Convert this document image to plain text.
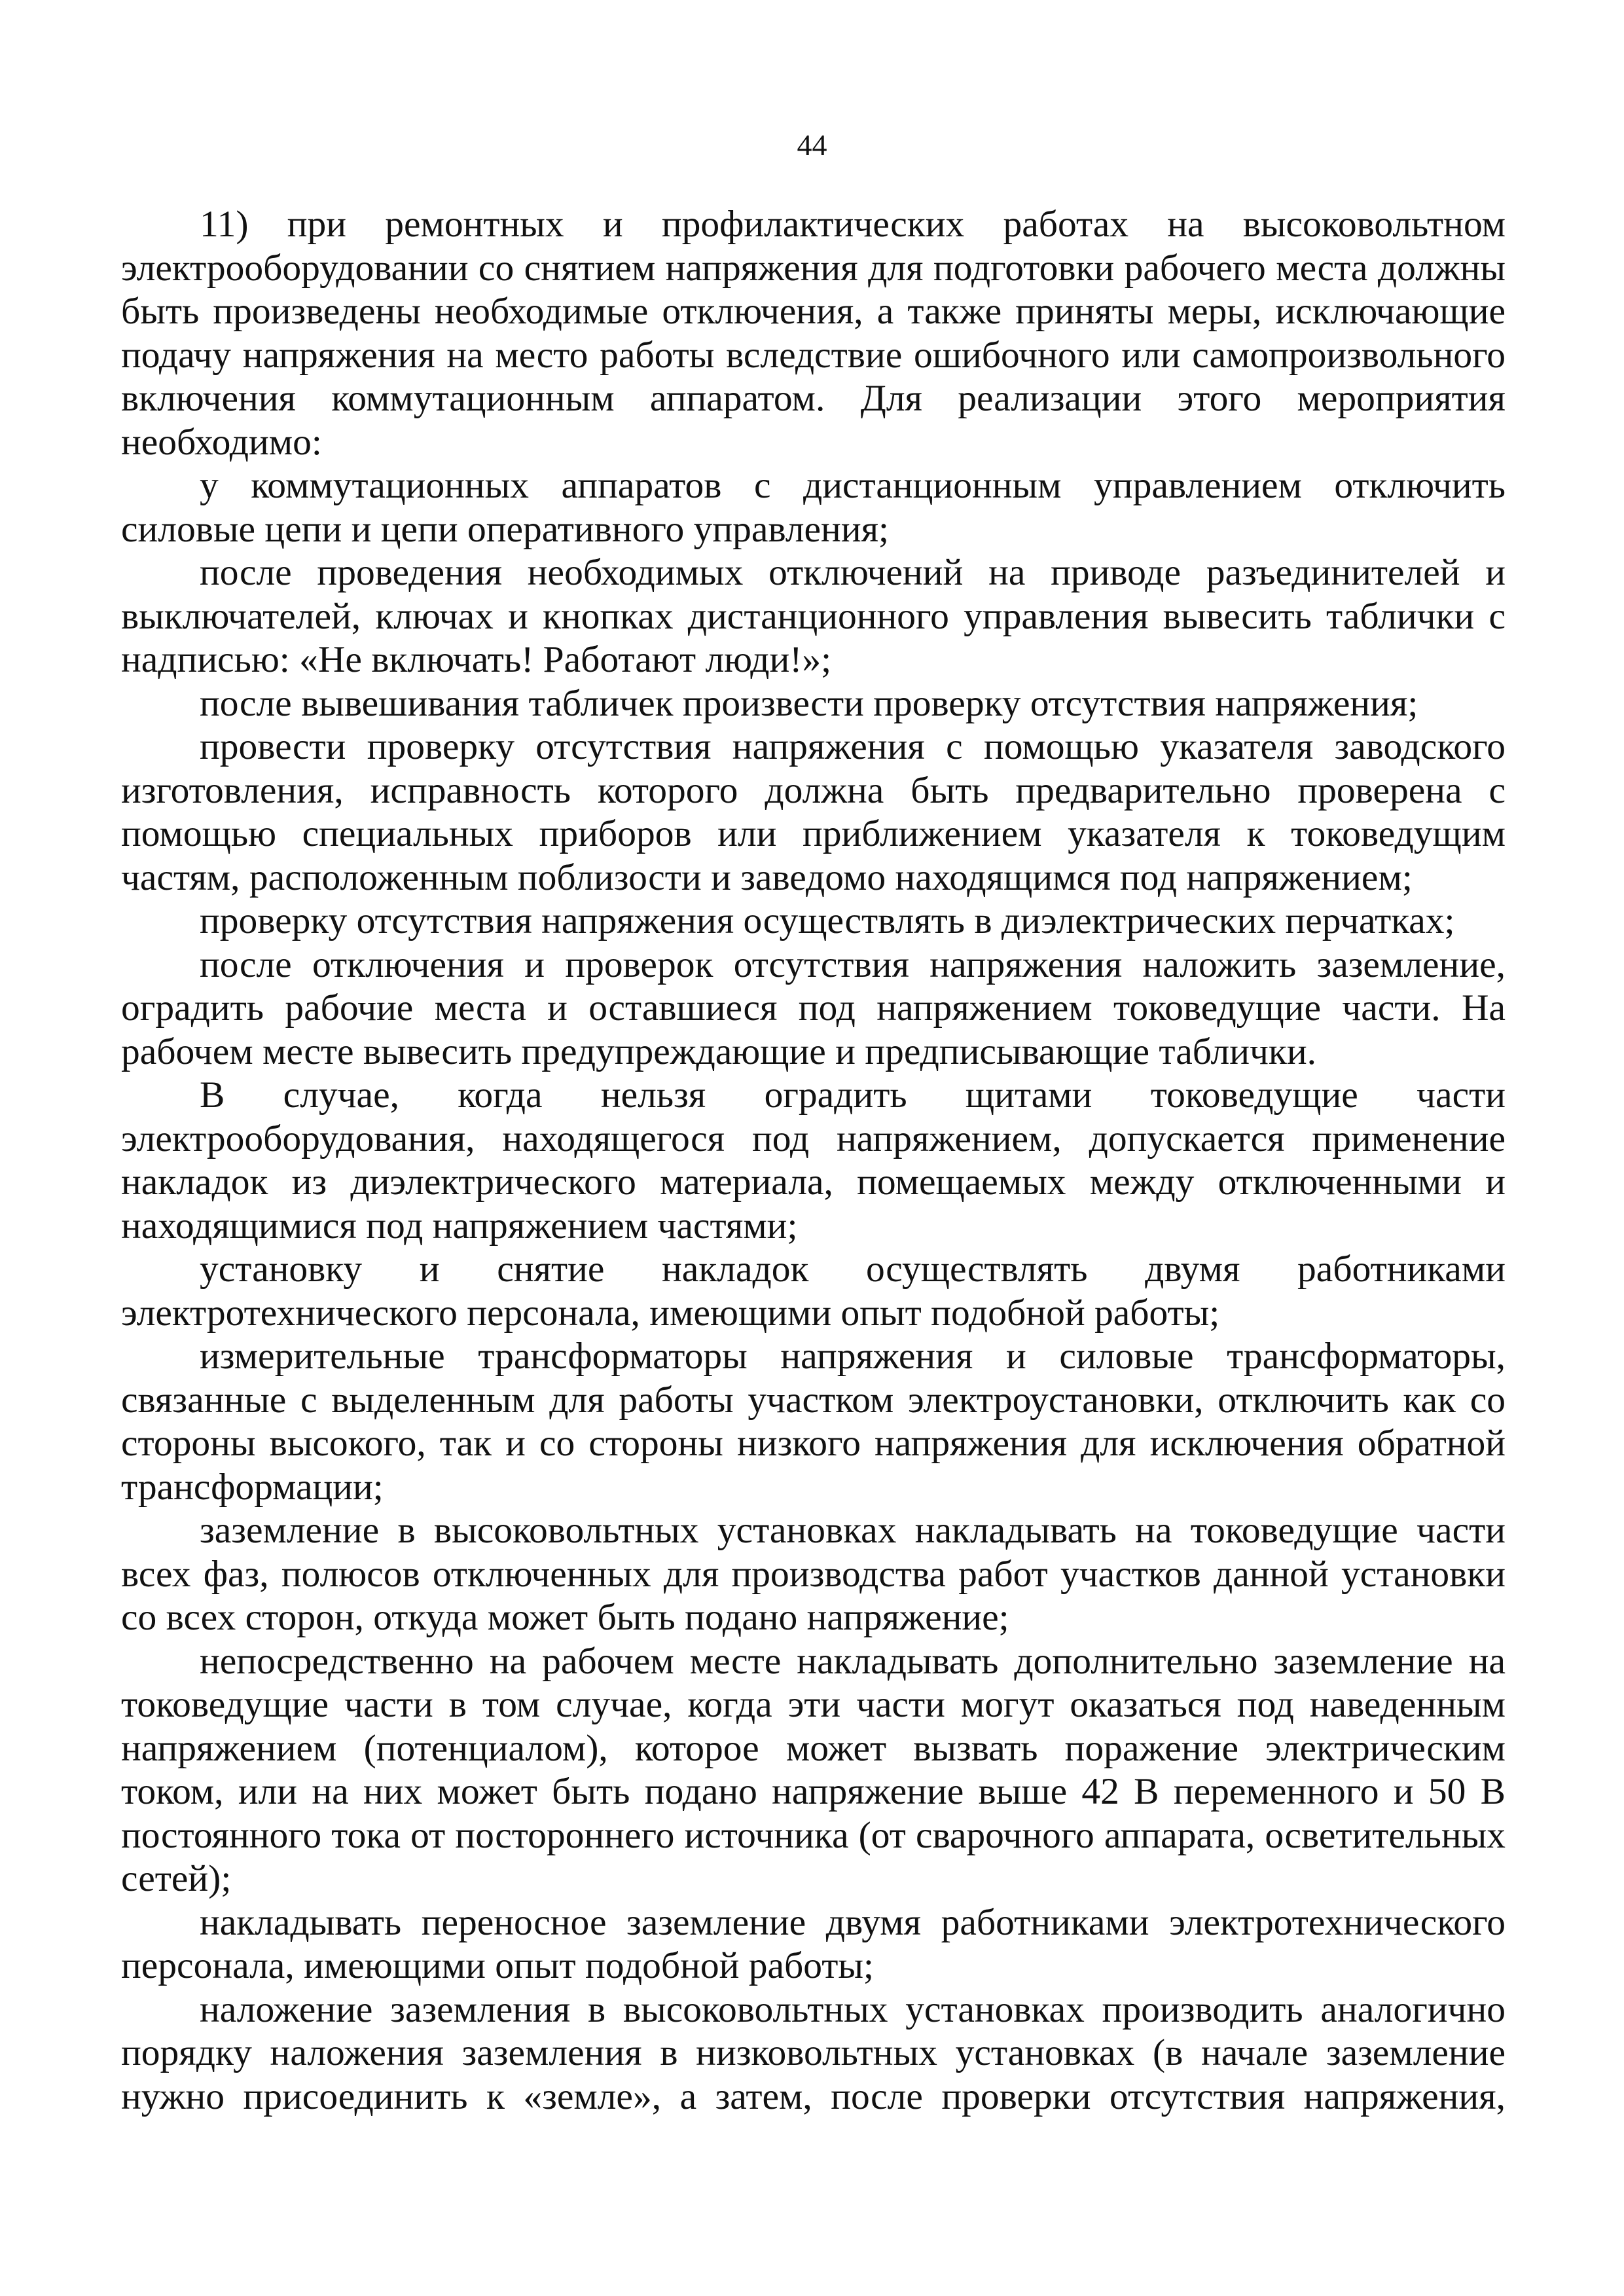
44

11) при ремонтных и профилактических работах на высоковольтном электрооборудовании со снятием напряжения для подготовки рабочего места должны быть произведены необходимые отключения, а также приняты меры, исключающие подачу напряжения на место работы вследствие ошибочного или самопроизвольного включения коммутационным аппаратом. Для реализации этого мероприятия необходимо:

у коммутационных аппаратов с дистанционным управлением отключить силовые цепи и цепи оперативного управления;

после проведения необходимых отключений на приводе разъединителей и выключателей, ключах и кнопках дистанционного управления вывесить таблички с надписью: «Не включать! Работают люди!»;

после вывешивания табличек произвести проверку отсутствия напряжения;

провести проверку отсутствия напряжения с помощью указателя заводского изготовления, исправность которого должна быть предварительно проверена с помощью специальных приборов или приближением указателя к токоведущим частям, расположенным поблизости и заведомо находящимся под напряжением;

проверку отсутствия напряжения осуществлять в диэлектрических перчатках;

после отключения и проверок отсутствия напряжения наложить заземление, оградить рабочие места и оставшиеся под напряжением токоведущие части. На рабочем месте вывесить предупреждающие и предписывающие таблички.

В случае, когда нельзя оградить щитами токоведущие части электрооборудования, находящегося под напряжением, допускается применение накладок из диэлектрического материала, помещаемых между отключенными и находящимися под напряжением частями;

установку и снятие накладок осуществлять двумя работниками электротехнического персонала, имеющими опыт подобной работы;

измерительные трансформаторы напряжения и силовые трансформаторы, связанные с выделенным для работы участком электроустановки, отключить как со стороны высокого, так и со стороны низкого напряжения для исключения обратной трансформации;

заземление в высоковольтных установках накладывать на токоведущие части всех фаз, полюсов отключенных для производства работ участков данной установки со всех сторон, откуда может быть подано напряжение;

непосредственно на рабочем месте накладывать дополнительно заземление на токоведущие части в том случае, когда эти части могут оказаться под наведенным напряжением (потенциалом), которое может вызвать поражение электрическим током, или на них может быть подано напряжение выше 42 В переменного и 50 В постоянного тока от постороннего источника (от сварочного аппарата, осветительных сетей);

накладывать переносное заземление двумя работниками электротехнического персонала, имеющими опыт подобной работы;

наложение заземления в высоковольтных установках производить аналогично порядку наложения заземления в низковольтных установках (в начале заземление нужно присоединить к «земле», а затем, после проверки отсутствия напряжения,
